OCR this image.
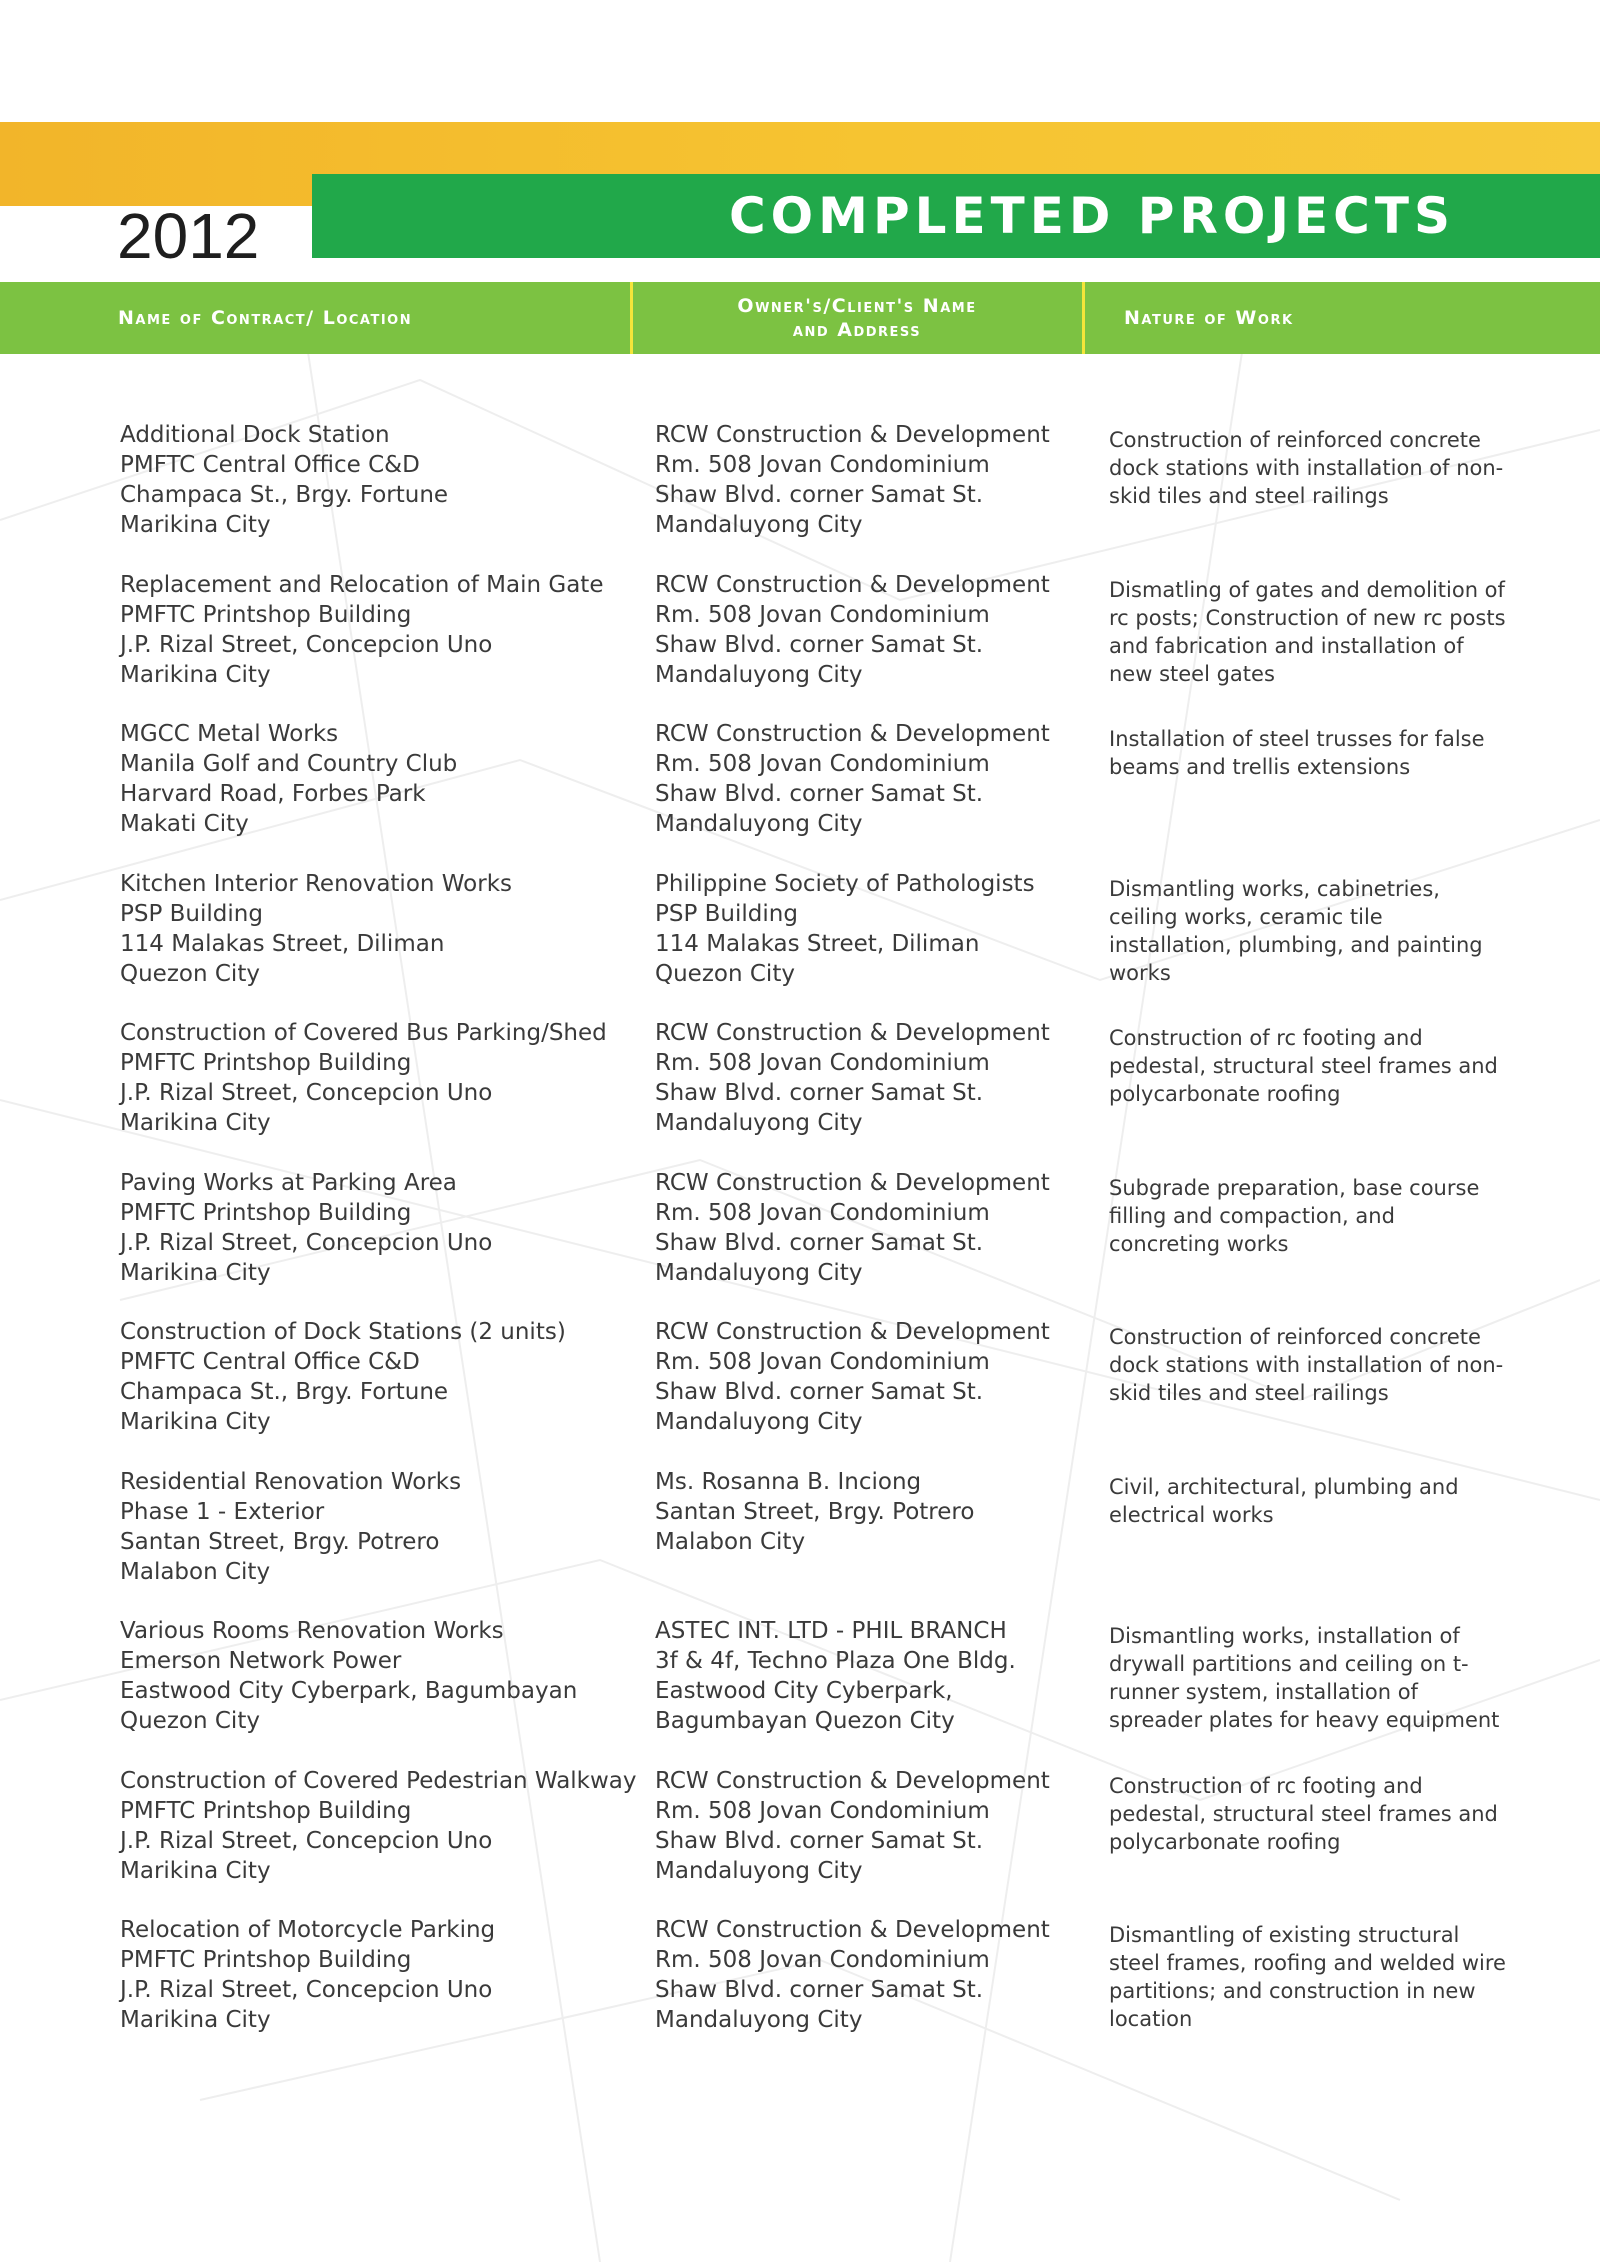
COMPLETED PROJECTS
2012
Name of Contract/ Location
Owner's/Client's Name
and Address
Nature of Work
Additional Dock Station
PMFTC Central Office C&D
Champaca St., Brgy. Fortune
Marikina City
RCW Construction & Development
Rm. 508 Jovan Condominium
Shaw Blvd. corner Samat St.
Mandaluyong City
Construction of reinforced concrete dock stations with installation of non-skid tiles and steel railings
Replacement and Relocation of Main Gate
PMFTC Printshop Building
J.P. Rizal Street, Concepcion Uno
Marikina City
RCW Construction & Development
Rm. 508 Jovan Condominium
Shaw Blvd. corner Samat St.
Mandaluyong City
Dismatling of gates and demolition of rc posts; Construction of new rc posts and fabrication and installation of new steel gates
MGCC Metal Works
Manila Golf and Country Club
Harvard Road, Forbes Park
Makati City
RCW Construction & Development
Rm. 508 Jovan Condominium
Shaw Blvd. corner Samat St.
Mandaluyong City
Installation of steel trusses for false beams and trellis extensions
Kitchen Interior Renovation Works
PSP Building
114 Malakas Street, Diliman
Quezon City
Philippine Society of Pathologists
PSP Building
114 Malakas Street, Diliman
Quezon City
Dismantling works, cabinetries, ceiling works, ceramic tile installation, plumbing, and painting works
Construction of Covered Bus Parking/Shed
PMFTC Printshop Building
J.P. Rizal Street, Concepcion Uno
Marikina City
RCW Construction & Development
Rm. 508 Jovan Condominium
Shaw Blvd. corner Samat St.
Mandaluyong City
Construction of rc footing and pedestal, structural steel frames and polycarbonate roofing
Paving Works at Parking Area
PMFTC Printshop Building
J.P. Rizal Street, Concepcion Uno
Marikina City
RCW Construction & Development
Rm. 508 Jovan Condominium
Shaw Blvd. corner Samat St.
Mandaluyong City
Subgrade preparation, base course filling and compaction, and concreting works
Construction of Dock Stations (2 units)
PMFTC Central Office C&D
Champaca St., Brgy. Fortune
Marikina City
RCW Construction & Development
Rm. 508 Jovan Condominium
Shaw Blvd. corner Samat St.
Mandaluyong City
Construction of reinforced concrete dock stations with installation of non-skid tiles and steel railings
Residential Renovation Works
Phase 1 - Exterior
Santan Street, Brgy. Potrero
Malabon City
Ms. Rosanna B. Inciong
Santan Street, Brgy. Potrero
Malabon City
Civil, architectural, plumbing and electrical works
Various Rooms Renovation Works
Emerson Network Power
Eastwood City Cyberpark, Bagumbayan
Quezon City
ASTEC INT. LTD - PHIL BRANCH
3f & 4f, Techno Plaza One Bldg.
Eastwood City Cyberpark,
Bagumbayan Quezon City
Dismantling works, installation of drywall partitions and ceiling on t-runner system, installation of spreader plates for heavy equipment
Construction of Covered Pedestrian Walkway
PMFTC Printshop Building
J.P. Rizal Street, Concepcion Uno
Marikina City
RCW Construction & Development
Rm. 508 Jovan Condominium
Shaw Blvd. corner Samat St.
Mandaluyong City
Construction of rc footing and pedestal, structural steel frames and polycarbonate roofing
Relocation of Motorcycle Parking
PMFTC Printshop Building
J.P. Rizal Street, Concepcion Uno
Marikina City
RCW Construction & Development
Rm. 508 Jovan Condominium
Shaw Blvd. corner Samat St.
Mandaluyong City
Dismantling of existing structural steel frames, roofing and welded wire partitions; and construction in new location
